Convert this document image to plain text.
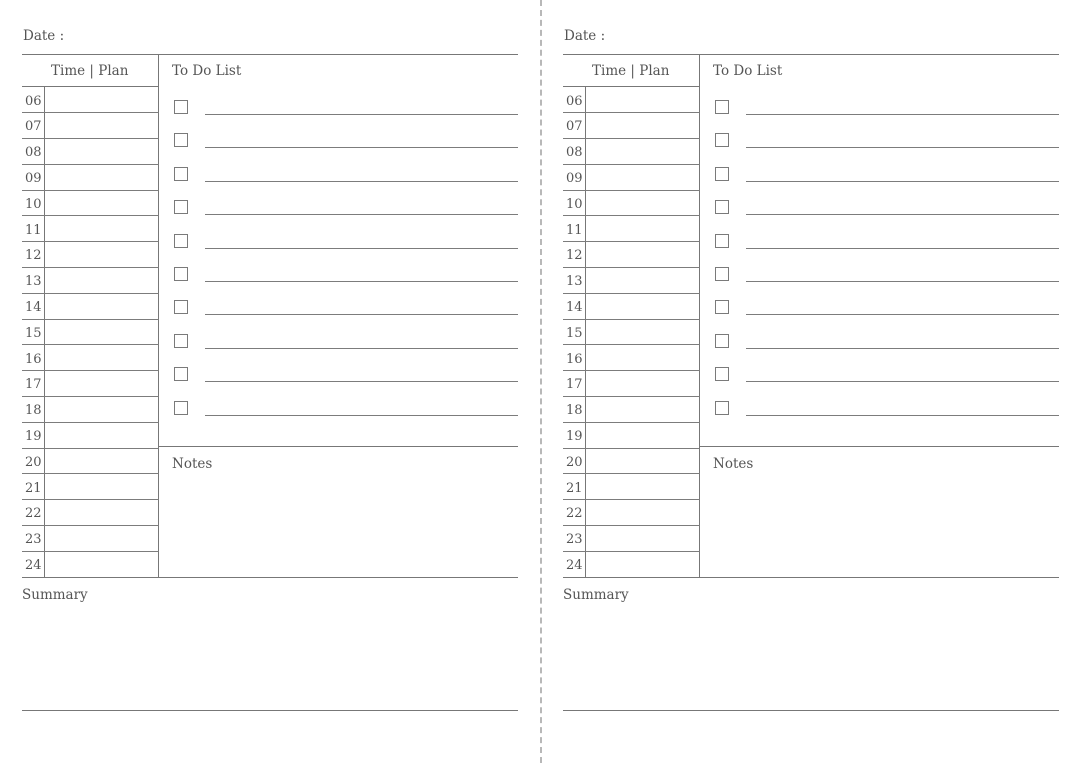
Date :
Time | Plan	To Do List
06
07
08
09
10
11
12
13
14
15
16
17
18
19
20
21
22
23
24
Notes
Summary
Date :
Time | Plan	To Do List
06
07
08
09
10
11
12
13
14
15
16
17
18
19
20
21
22
23
24
Notes
Summary
